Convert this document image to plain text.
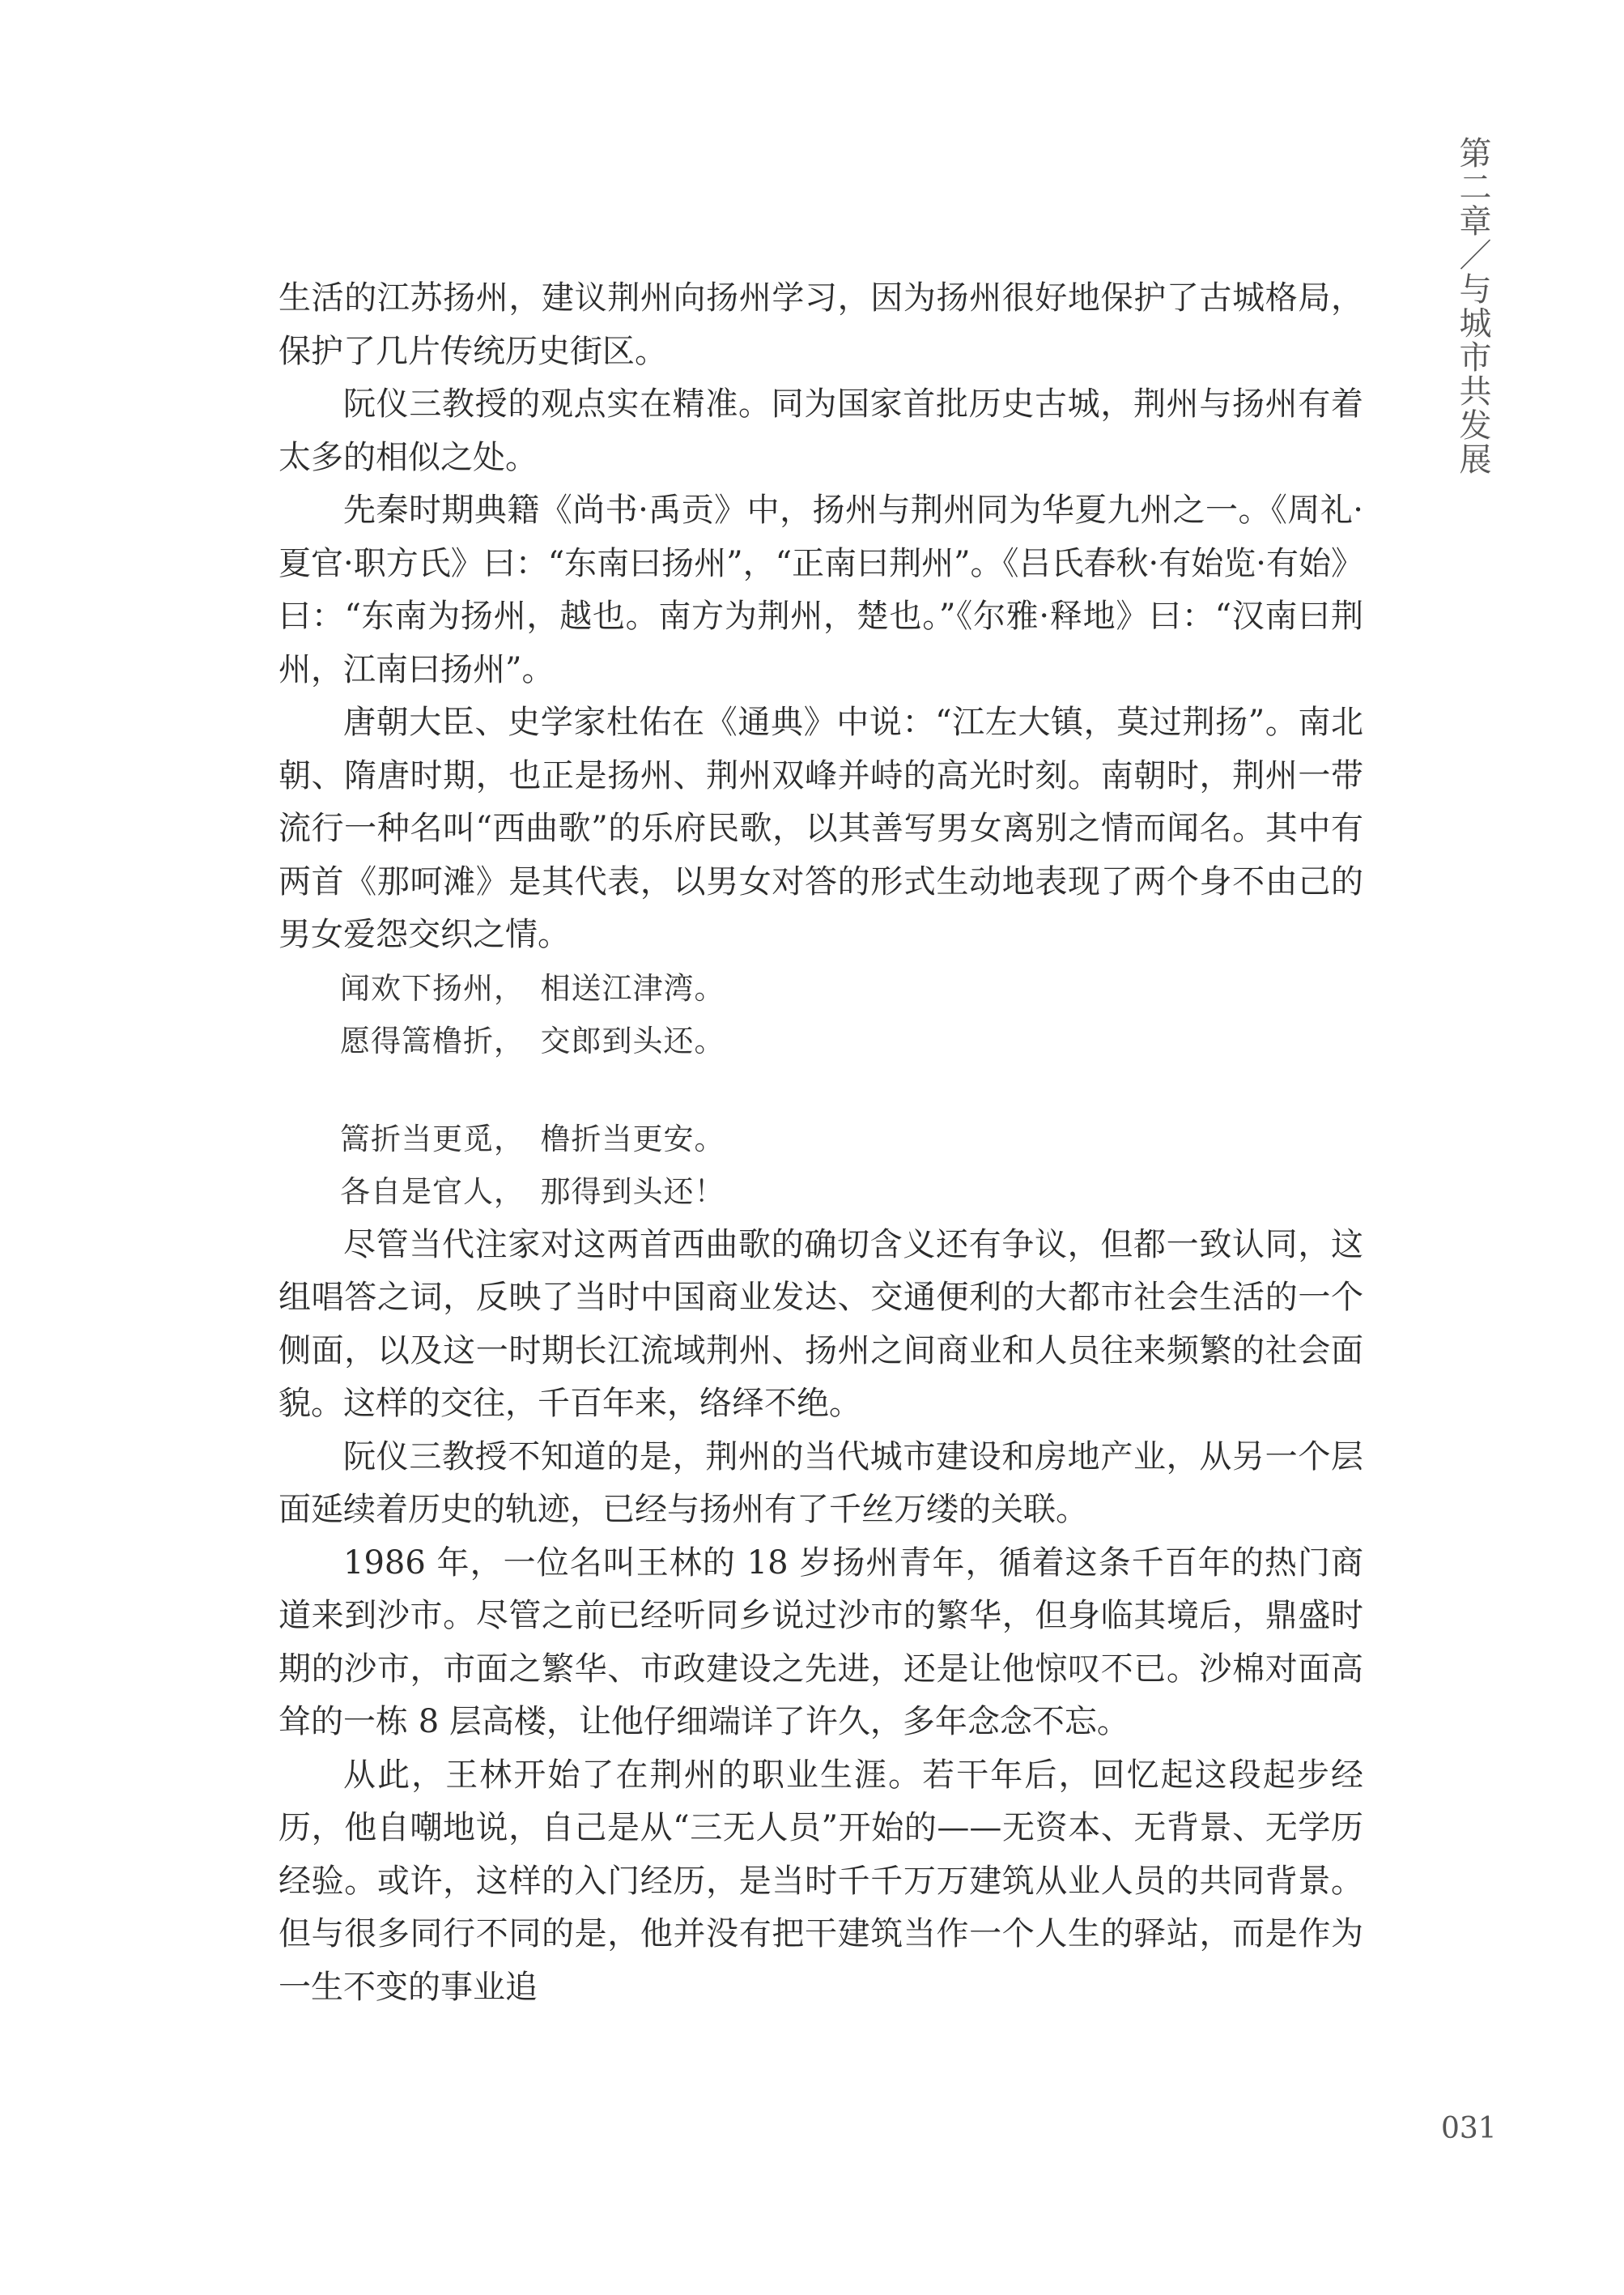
第二章／与城市共发展

生活的江苏扬州，建议荆州向扬州学习，因为扬州很好地保护了古城格局，保护了几片传统历史街区。

阮仪三教授的观点实在精准。同为国家首批历史古城，荆州与扬州有着太多的相似之处。

先秦时期典籍《尚书·禹贡》中，扬州与荆州同为华夏九州之一。《周礼·夏官·职方氏》曰：“东南曰扬州”，“正南曰荆州”。《吕氏春秋·有始览·有始》曰：“东南为扬州，越也。南方为荆州，楚也。”《尔雅·释地》曰：“汉南曰荆州，江南曰扬州”。

唐朝大臣、史学家杜佑在《通典》中说：“江左大镇，莫过荆扬”。南北朝、隋唐时期，也正是扬州、荆州双峰并峙的高光时刻。南朝时，荆州一带流行一种名叫“西曲歌”的乐府民歌，以其善写男女离别之情而闻名。其中有两首《那呵滩》是其代表，以男女对答的形式生动地表现了两个身不由己的男女爱怨交织之情。

闻欢下扬州，　相送江津湾。

愿得篙橹折，　交郎到头还。

篙折当更觅，　橹折当更安。

各自是官人，　那得到头还！

尽管当代注家对这两首西曲歌的确切含义还有争议，但都一致认同，这组唱答之词，反映了当时中国商业发达、交通便利的大都市社会生活的一个侧面，以及这一时期长江流域荆州、扬州之间商业和人员往来频繁的社会面貌。这样的交往，千百年来，络绎不绝。

阮仪三教授不知道的是，荆州的当代城市建设和房地产业，从另一个层面延续着历史的轨迹，已经与扬州有了千丝万缕的关联。

1986 年，一位名叫王林的 18 岁扬州青年，循着这条千百年的热门商道来到沙市。尽管之前已经听同乡说过沙市的繁华，但身临其境后，鼎盛时期的沙市，市面之繁华、市政建设之先进，还是让他惊叹不已。沙棉对面高耸的一栋 8 层高楼，让他仔细端详了许久，多年念念不忘。

从此，王林开始了在荆州的职业生涯。若干年后，回忆起这段起步经历，他自嘲地说，自己是从“三无人员”开始的——无资本、无背景、无学历经验。或许，这样的入门经历，是当时千千万万建筑从业人员的共同背景。但与很多同行不同的是，他并没有把干建筑当作一个人生的驿站，而是作为一生不变的事业追

031
